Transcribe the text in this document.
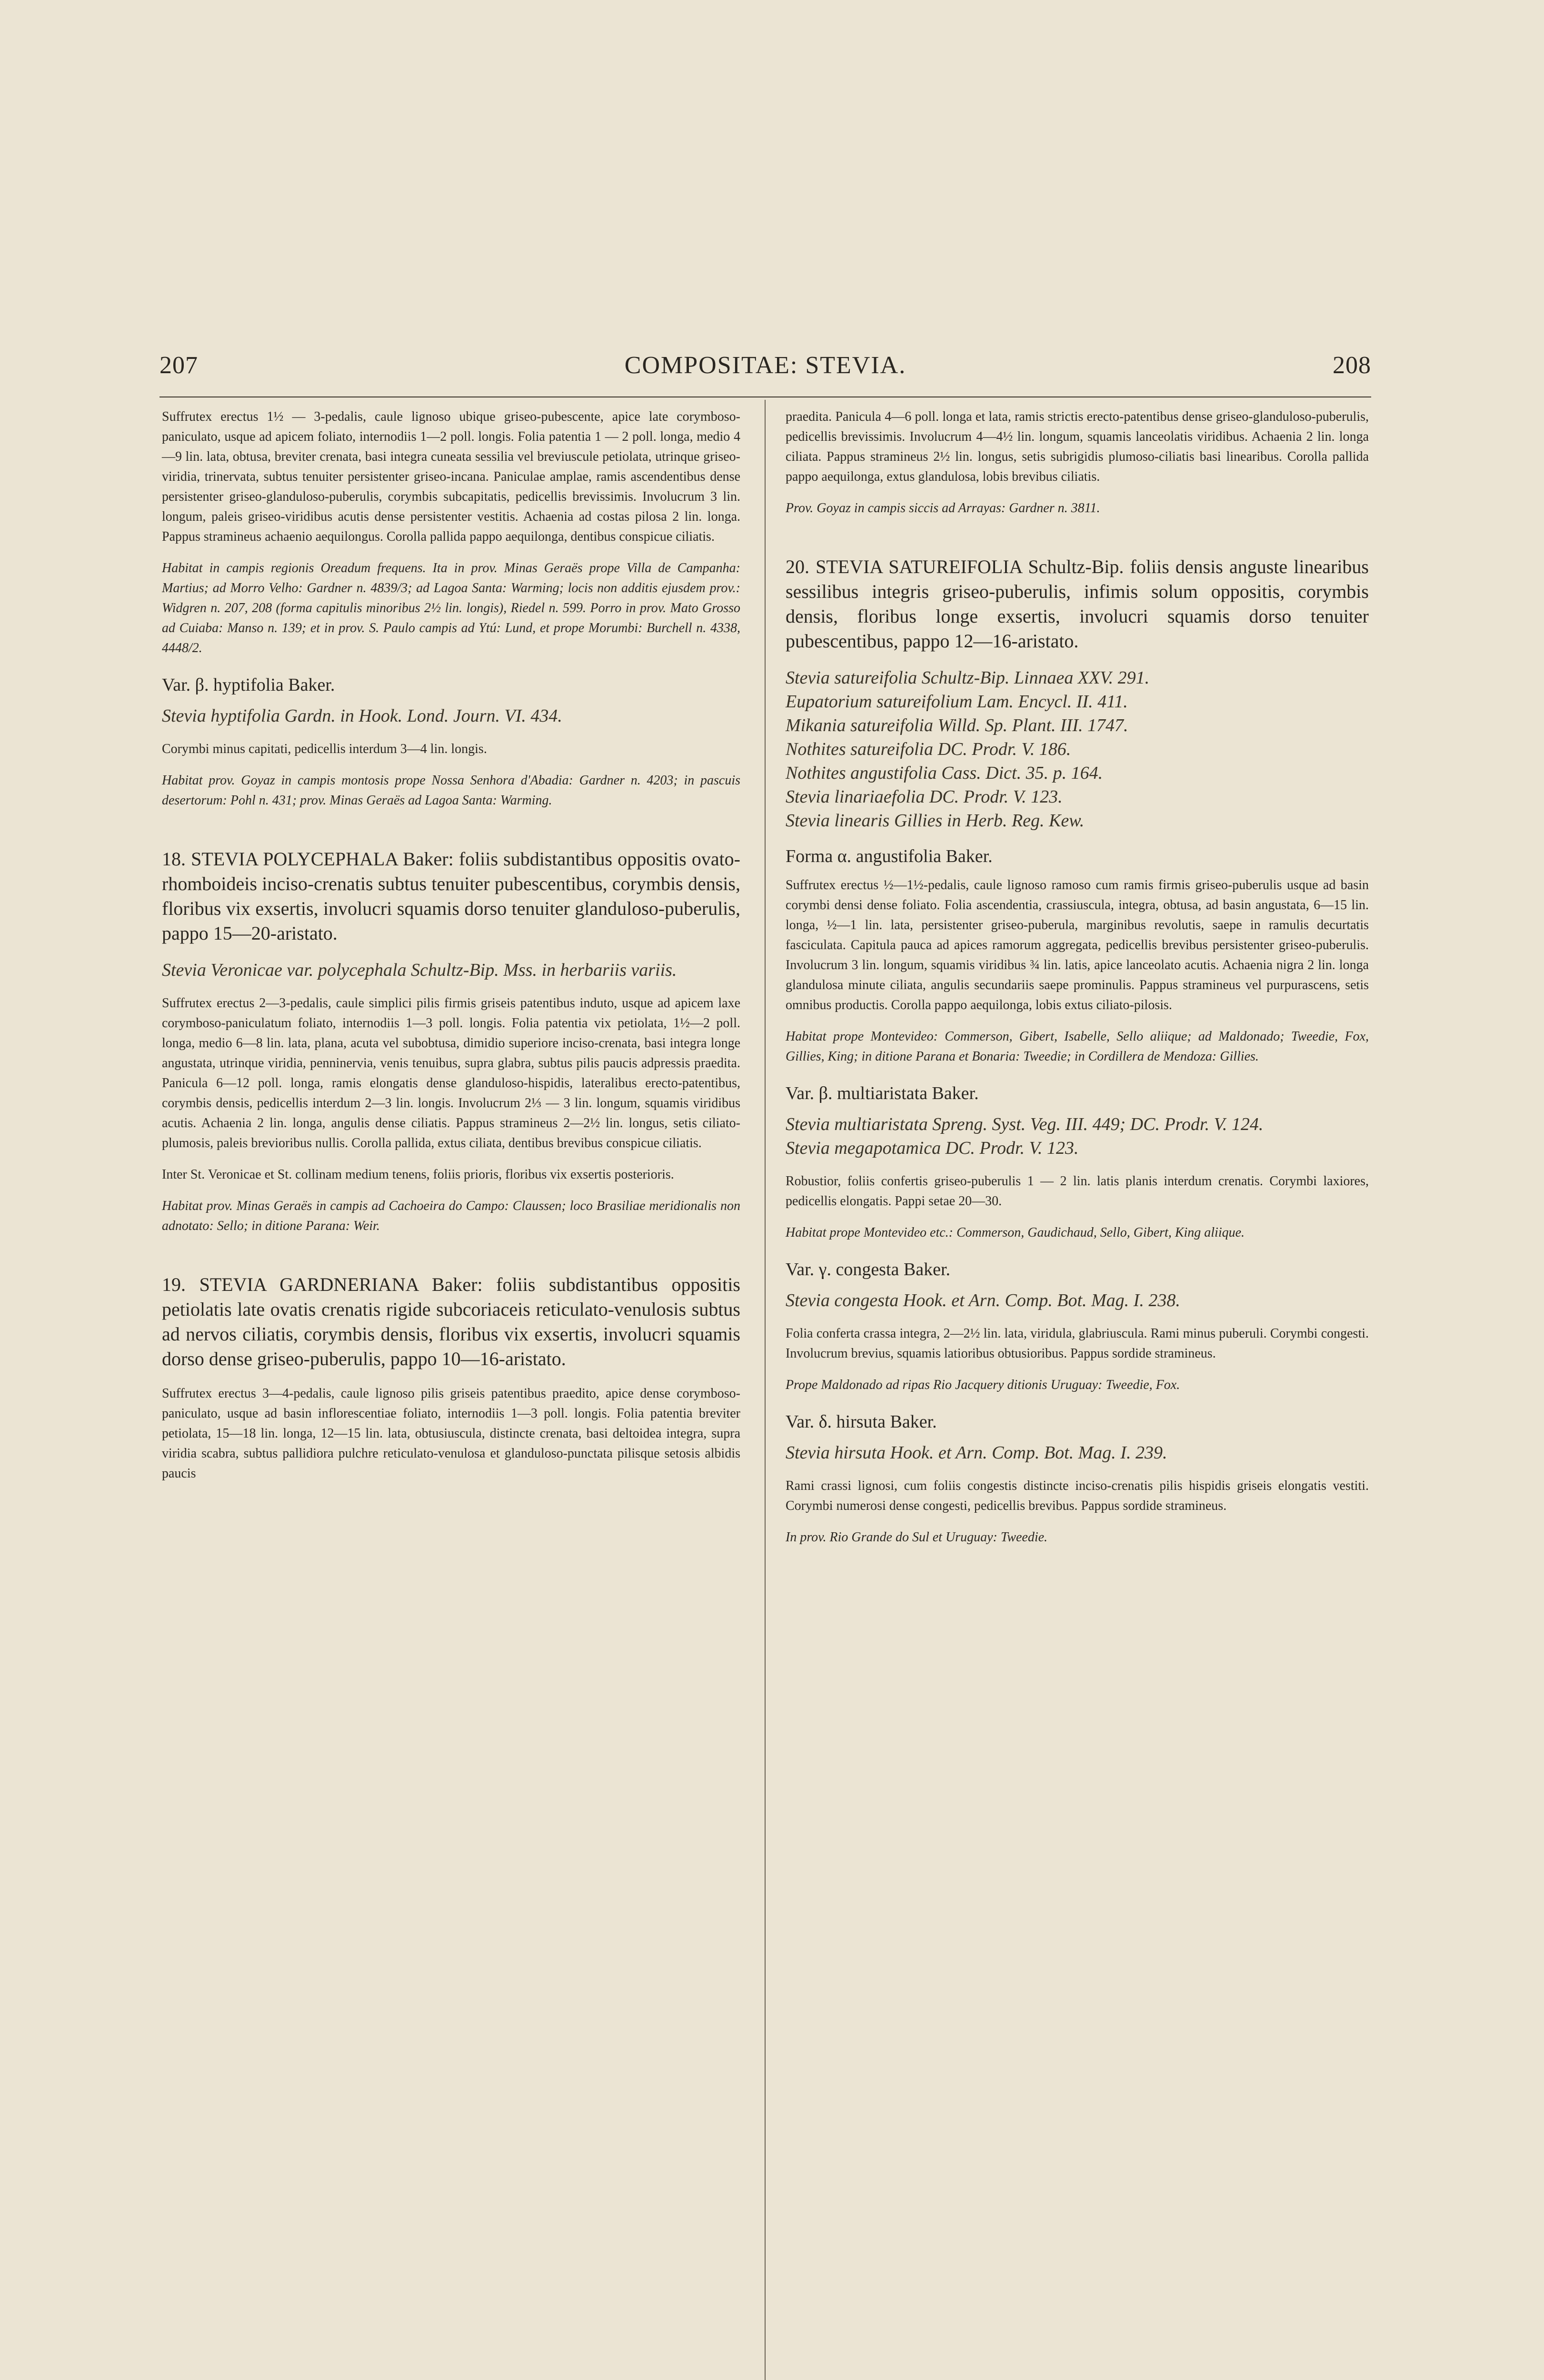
207	COMPOSITAE: STEVIA.	208

Suffrutex erectus 1½ — 3-pedalis, caule lignoso ubique griseo-pubescente, apice late corymboso-paniculato, usque ad apicem foliato, internodiis 1—2 poll. longis. Folia patentia 1 — 2 poll. longa, medio 4—9 lin. lata, obtusa, breviter crenata, basi integra cuneata sessilia vel breviuscule petiolata, utrinque griseo-viridia, trinervata, subtus tenuiter persistenter griseo-incana. Paniculae amplae, ramis ascendentibus dense persistenter griseo-glanduloso-puberulis, corymbis subcapitatis, pedicellis brevissimis. Involucrum 3 lin. longum, paleis griseo-viridibus acutis dense persistenter vestitis. Achaenia ad costas pilosa 2 lin. longa. Pappus stramineus achaenio aequilongus. Corolla pallida pappo aequilonga, dentibus conspicue ciliatis.

Habitat in campis regionis Oreadum frequens. Ita in prov. Minas Geraës prope Villa de Campanha: Martius; ad Morro Velho: Gardner n. 4839/3; ad Lagoa Santa: Warming; locis non additis ejusdem prov.: Widgren n. 207, 208 (forma capitulis minoribus 2½ lin. longis), Riedel n. 599. Porro in prov. Mato Grosso ad Cuiaba: Manso n. 139; et in prov. S. Paulo campis ad Ytú: Lund, et prope Morumbi: Burchell n. 4338, 4448/2.

Var. β. hyptifolia Baker.

Stevia hyptifolia Gardn. in Hook. Lond. Journ. VI. 434.

Corymbi minus capitati, pedicellis interdum 3—4 lin. longis.

Habitat prov. Goyaz in campis montosis prope Nossa Senhora d'Abadia: Gardner n. 4203; in pascuis desertorum: Pohl n. 431; prov. Minas Geraës ad Lagoa Santa: Warming.

18. STEVIA POLYCEPHALA Baker: foliis subdistantibus oppositis ovato-rhomboideis inciso-crenatis subtus tenuiter pubescentibus, corymbis densis, floribus vix exsertis, involucri squamis dorso tenuiter glanduloso-puberulis, pappo 15—20-aristato.

Stevia Veronicae var. polycephala Schultz-Bip. Mss. in herbariis variis.

Suffrutex erectus 2—3-pedalis, caule simplici pilis firmis griseis patentibus induto, usque ad apicem laxe corymboso-paniculatum foliato, internodiis 1—3 poll. longis. Folia patentia vix petiolata, 1½—2 poll. longa, medio 6—8 lin. lata, plana, acuta vel subobtusa, dimidio superiore inciso-crenata, basi integra longe angustata, utrinque viridia, penninervia, venis tenuibus, supra glabra, subtus pilis paucis adpressis praedita. Panicula 6—12 poll. longa, ramis elongatis dense glanduloso-hispidis, lateralibus erecto-patentibus, corymbis densis, pedicellis interdum 2—3 lin. longis. Involucrum 2⅓ — 3 lin. longum, squamis viridibus acutis. Achaenia 2 lin. longa, angulis dense ciliatis. Pappus stramineus 2—2½ lin. longus, setis ciliato-plumosis, paleis brevioribus nullis. Corolla pallida, extus ciliata, dentibus brevibus conspicue ciliatis.

Inter St. Veronicae et St. collinam medium tenens, foliis prioris, floribus vix exsertis posterioris.

Habitat prov. Minas Geraës in campis ad Cachoeira do Campo: Claussen; loco Brasiliae meridionalis non adnotato: Sello; in ditione Parana: Weir.

19. STEVIA GARDNERIANA Baker: foliis subdistantibus oppositis petiolatis late ovatis crenatis rigide subcoriaceis reticulato-venulosis subtus ad nervos ciliatis, corymbis densis, floribus vix exsertis, involucri squamis dorso dense griseo-puberulis, pappo 10—16-aristato.

Suffrutex erectus 3—4-pedalis, caule lignoso pilis griseis patentibus praedito, apice dense corymboso-paniculato, usque ad basin inflorescentiae foliato, internodiis 1—3 poll. longis. Folia patentia breviter petiolata, 15—18 lin. longa, 12—15 lin. lata, obtusiuscula, distincte crenata, basi deltoidea integra, supra viridia scabra, subtus pallidiora pulchre reticulato-venulosa et glanduloso-punctata pilisque setosis albidis paucis

praedita. Panicula 4—6 poll. longa et lata, ramis strictis erecto-patentibus dense griseo-glanduloso-puberulis, pedicellis brevissimis. Involucrum 4—4½ lin. longum, squamis lanceolatis viridibus. Achaenia 2 lin. longa ciliata. Pappus stramineus 2½ lin. longus, setis subrigidis plumoso-ciliatis basi linearibus. Corolla pallida pappo aequilonga, extus glandulosa, lobis brevibus ciliatis.

Prov. Goyaz in campis siccis ad Arrayas: Gardner n. 3811.

20. STEVIA SATUREIFOLIA Schultz-Bip. foliis densis anguste linearibus sessilibus integris griseo-puberulis, infimis solum oppositis, corymbis densis, floribus longe exsertis, involucri squamis dorso tenuiter pubescentibus, pappo 12—16-aristato.

Stevia satureifolia Schultz-Bip. Linnaea XXV. 291.
Eupatorium satureifolium Lam. Encycl. II. 411.
Mikania satureifolia Willd. Sp. Plant. III. 1747.
Nothites satureifolia DC. Prodr. V. 186.
Nothites angustifolia Cass. Dict. 35. p. 164.
Stevia linariaefolia DC. Prodr. V. 123.
Stevia linearis Gillies in Herb. Reg. Kew.

Forma α. angustifolia Baker.

Suffrutex erectus ½—1½-pedalis, caule lignoso ramoso cum ramis firmis griseo-puberulis usque ad basin corymbi densi dense foliato. Folia ascendentia, crassiuscula, integra, obtusa, ad basin angustata, 6—15 lin. longa, ½—1 lin. lata, persistenter griseo-puberula, marginibus revolutis, saepe in ramulis decurtatis fasciculata. Capitula pauca ad apices ramorum aggregata, pedicellis brevibus persistenter griseo-puberulis. Involucrum 3 lin. longum, squamis viridibus ¾ lin. latis, apice lanceolato acutis. Achaenia nigra 2 lin. longa glandulosa minute ciliata, angulis secundariis saepe prominulis. Pappus stramineus vel purpurascens, setis omnibus productis. Corolla pappo aequilonga, lobis extus ciliato-pilosis.

Habitat prope Montevideo: Commerson, Gibert, Isabelle, Sello aliique; ad Maldonado; Tweedie, Fox, Gillies, King; in ditione Parana et Bonaria: Tweedie; in Cordillera de Mendoza: Gillies.

Var. β. multiaristata Baker.

Stevia multiaristata Spreng. Syst. Veg. III. 449; DC. Prodr. V. 124.
Stevia megapotamica DC. Prodr. V. 123.

Robustior, foliis confertis griseo-puberulis 1 — 2 lin. latis planis interdum crenatis. Corymbi laxiores, pedicellis elongatis. Pappi setae 20—30.

Habitat prope Montevideo etc.: Commerson, Gaudichaud, Sello, Gibert, King aliique.

Var. γ. congesta Baker.

Stevia congesta Hook. et Arn. Comp. Bot. Mag. I. 238.

Folia conferta crassa integra, 2—2½ lin. lata, viridula, glabriuscula. Rami minus puberuli. Corymbi congesti. Involucrum brevius, squamis latioribus obtusioribus. Pappus sordide stramineus.

Prope Maldonado ad ripas Rio Jacquery ditionis Uruguay: Tweedie, Fox.

Var. δ. hirsuta Baker.

Stevia hirsuta Hook. et Arn. Comp. Bot. Mag. I. 239.

Rami crassi lignosi, cum foliis congestis distincte inciso-crenatis pilis hispidis griseis elongatis vestiti. Corymbi numerosi dense congesti, pedicellis brevibus. Pappus sordide stramineus.

In prov. Rio Grande do Sul et Uruguay: Tweedie.
